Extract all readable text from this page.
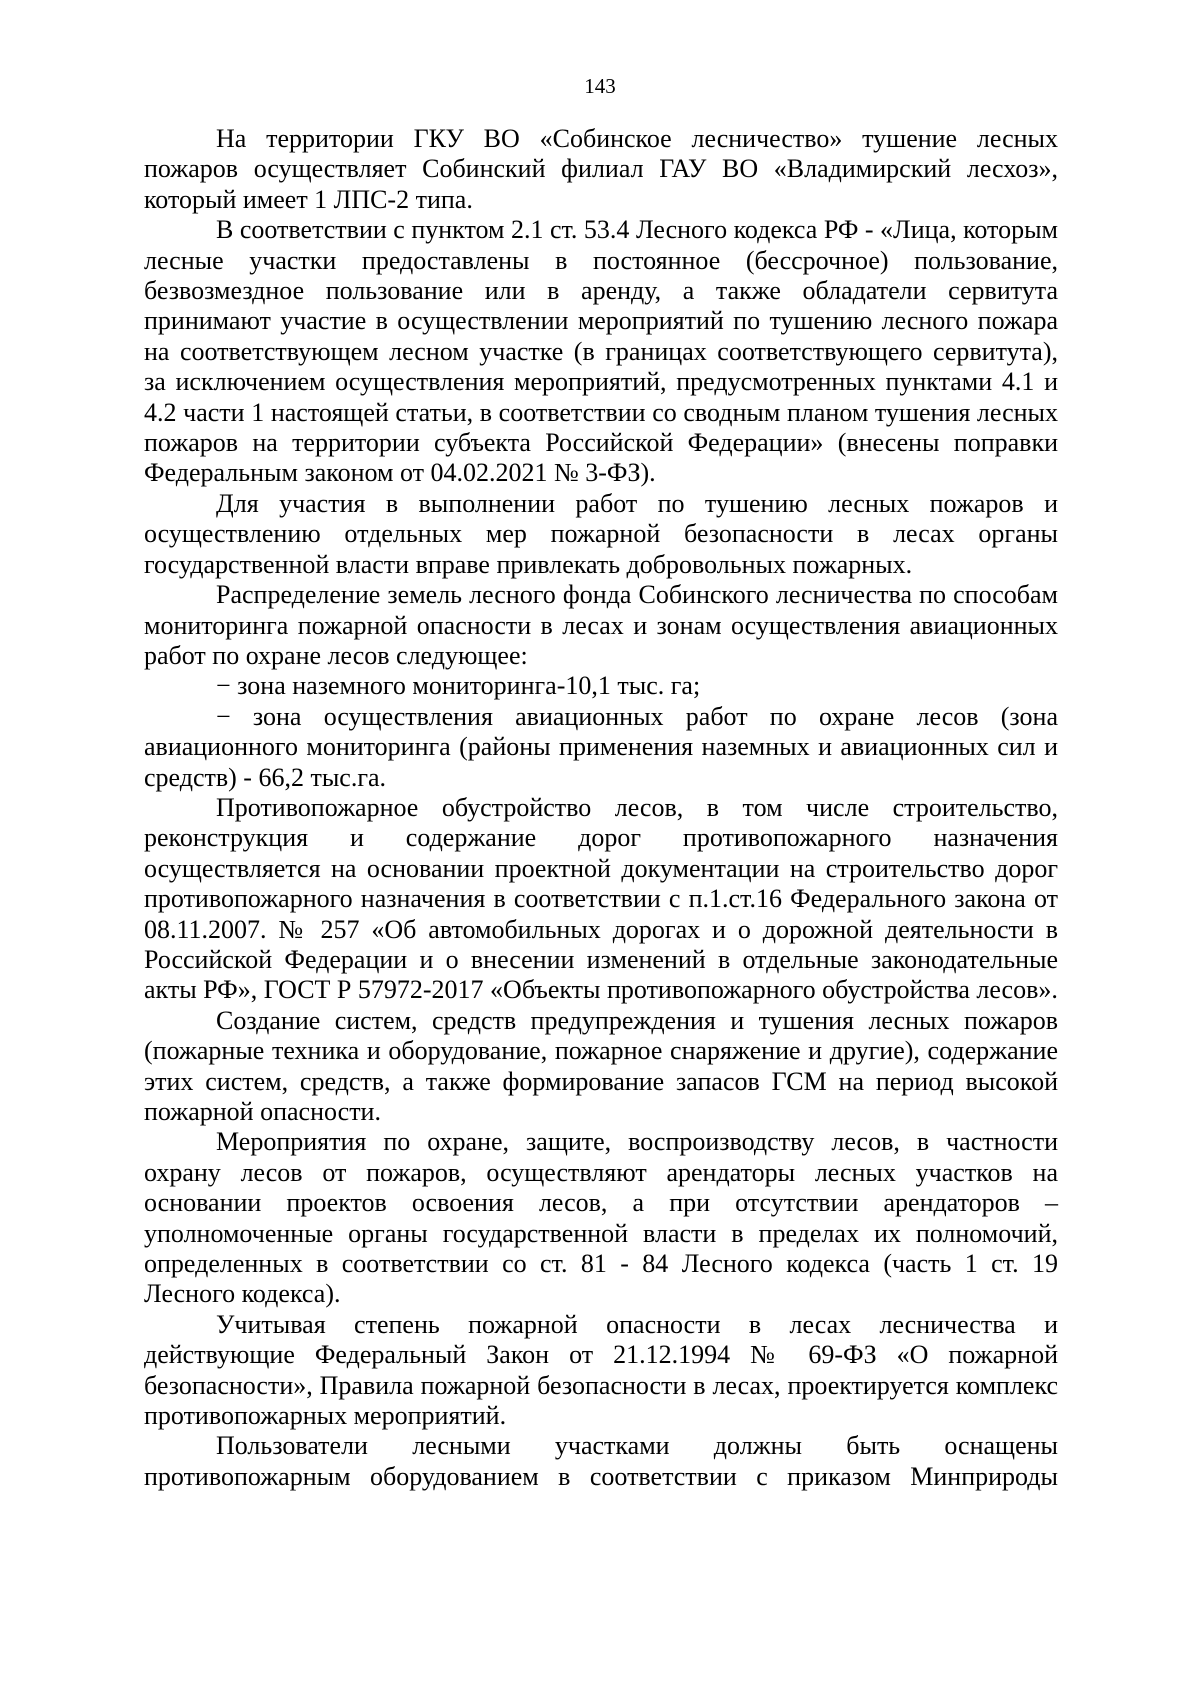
143

На территории ГКУ ВО «Собинское лесничество» тушение лесных пожаров осуществляет Собинский филиал ГАУ ВО «Владимирский лесхоз», который имеет 1 ЛПС-2 типа.

В соответствии с пунктом 2.1 ст. 53.4 Лесного кодекса РФ - «Лица, которым лесные участки предоставлены в постоянное (бессрочное) пользование, безвозмездное пользование или в аренду, а также обладатели сервитута принимают участие в осуществлении мероприятий по тушению лесного пожара на соответствующем лесном участке (в границах соответствующего сервитута), за исключением осуществления мероприятий, предусмотренных пунктами 4.1 и 4.2 части 1 настоящей статьи, в соответствии со сводным планом тушения лесных пожаров на территории субъекта Российской Федерации» (внесены поправки Федеральным законом от 04.02.2021 № 3-ФЗ).

Для участия в выполнении работ по тушению лесных пожаров и осуществлению отдельных мер пожарной безопасности в лесах органы государственной власти вправе привлекать добровольных пожарных.

Распределение земель лесного фонда Собинского лесничества по способам мониторинга пожарной опасности в лесах и зонам осуществления авиационных работ по охране лесов следующее:

− зона наземного мониторинга-10,1 тыс. га;

− зона осуществления авиационных работ по охране лесов (зона авиационного мониторинга (районы применения наземных и авиационных сил и средств) - 66,2 тыс.га.

Противопожарное обустройство лесов, в том числе строительство, реконструкция и содержание дорог противопожарного назначения осуществляется на основании проектной документации на строительство дорог противопожарного назначения в соответствии с п.1.ст.16 Федерального закона от 08.11.2007. № 257 «Об автомобильных дорогах и о дорожной деятельности в Российской Федерации и о внесении изменений в отдельные законодательные акты РФ», ГОСТ Р 57972-2017 «Объекты противопожарного обустройства лесов».

Создание систем, средств предупреждения и тушения лесных пожаров (пожарные техника и оборудование, пожарное снаряжение и другие), содержание этих систем, средств, а также формирование запасов ГСМ на период высокой пожарной опасности.

Мероприятия по охране, защите, воспроизводству лесов, в частности охрану лесов от пожаров, осуществляют арендаторы лесных участков на основании проектов освоения лесов, а при отсутствии арендаторов – уполномоченные органы государственной власти в пределах их полномочий, определенных в соответствии со ст. 81 - 84 Лесного кодекса (часть 1 ст. 19 Лесного кодекса).

Учитывая степень пожарной опасности в лесах лесничества и действующие Федеральный Закон от 21.12.1994 № 69-ФЗ «О пожарной безопасности», Правила пожарной безопасности в лесах, проектируется комплекс противопожарных мероприятий.

Пользователи лесными участками должны быть оснащены противопожарным оборудованием в соответствии с приказом Минприроды
